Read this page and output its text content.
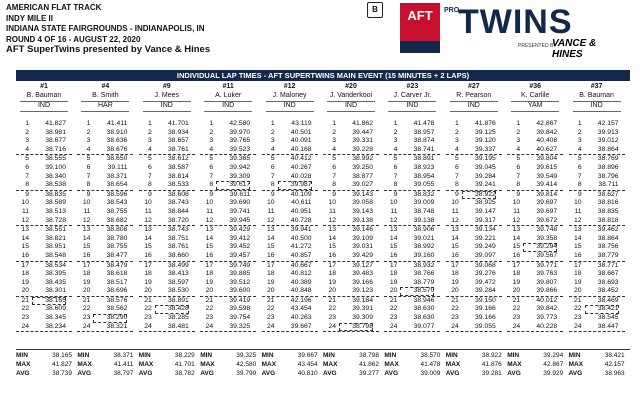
AMERICAN FLAT TRACK
INDY MILE II
INDIANA STATE FAIRGROUNDS - INDIANAPOLIS, IN
ROUND 4 OF 16 - AUGUST 22, 2020
AFT SuperTwins presented by Vance & Hines
B	AFT	PRO
TWINS
PRESENTED BY
VANCE & HINES
INDIVIDUAL LAP TIMES - AFT SUPERTWINS MAIN EVENT (15 MINUTES + 2 LAPS)
#1
B. Bauman
IND
1	41.827
2	38.981
3	38.677
4	38.716
5	38.555
6	39.100
7	38.340
8	38.538
9	38.835
10	38.589
11	38.513
12	38.728
13	38.551
14	38.821
15	38.951
16	38.548
17	38.534
18	38.395
19	38.435
20	38.301
21	38.165
22	38.609
23	38.345
24	38.234
MIN	38.165
MAX	41.827
AVG	38.739
#4
B. Smith
HAR
1	41.411
2	38.910
3	38.636
4	38.676
5	38.650
6	39.111
7	38.371
8	38.654
9	38.596
10	38.543
11	38.755
12	38.682
13	38.808
14	38.780
15	38.755
16	38.477
17	38.479
18	38.618
19	38.517
20	38.696
21	38.576
22	38.562
23	38.290
24	38.321
MIN	38.371
MAX	41.411
AVG	38.797
#9
J. Mees
IND
1	41.701
2	38.934
3	38.657
4	38.761
5	38.612
6	38.587
7	38.814
8	38.533
9	38.608
10	38.743
11	38.844
12	38.720
13	38.743
14	38.751
15	38.761
16	38.660
17	38.499
18	38.413
19	38.597
20	38.530
21	38.891
22	38.428
23	38.285
24	38.481
MIN	38.229
MAX	41.701
AVG	38.782
#11
A. Luker
IND
1	42.580
2	39.970
3	39.765
4	39.523
5	39.365
6	39.942
7	39.309
8	39.617
9	39.611
10	39.690
11	39.741
12	39.945
13	39.429
14	39.412
15	39.452
16	39.457
17	39.749
18	39.885
19	39.512
20	39.600
21	39.419
22	39.598
23	39.754
24	39.325
MIN	39.325
MAX	42.580
AVG	39.790
#12
J. Maloney
IND
1	43.119
2	40.501
3	40.091
4	40.168
5	40.412
6	40.267
7	40.028
8	39.987
9	40.109
10	40.611
11	40.951
12	40.728
13	39.941
14	40.500
15	41.272
16	40.857
17	40.667
18	40.812
19	40.389
20	40.848
21	42.196
22	43.454
23	40.263
24	39.667
MIN	39.667
MAX	43.454
AVG	40.810
#20
J. Vanderkooi
IND
1	41.862
2	39.447
3	39.331
4	39.228
5	38.992
6	39.250
7	38.877
8	39.027
9	39.143
10	39.058
11	39.143
12	39.138
13	39.146
14	39.109
15	39.031
16	39.429
17	39.127
18	39.483
19	39.166
20	39.123
21	39.184
22	39.391
23	39.309
24	38.798
MIN	38.798
MAX	41.862
AVG	39.277
#23
J. Carver Jr.
IND
1	41.478
2	38.957
3	38.874
4	38.741
5	38.891
6	38.923
7	38.954
8	39.055
9	38.832
10	39.009
11	38.748
12	39.138
13	38.906
14	39.021
15	38.992
16	39.160
17	38.932
18	38.766
19	38.779
20	38.570
21	38.946
22	38.630
23	38.630
24	39.077
MIN	38.570
MAX	41.478
AVG	39.009
#27
R. Pearson
IND
1	41.876
2	39.125
3	39.120
4	39.337
5	39.195
6	39.045
7	39.284
8	39.241
9	38.922
10	38.925
11	39.147
12	39.317
13	39.134
14	39.221
15	39.249
16	39.097
17	39.068
18	39.276
19	39.472
20	39.284
21	39.150
22	39.166
23	39.166
24	39.055
MIN	38.922
MAX	41.876
AVG	39.281
#36
K. Carlile
YAM
1	42.867
2	39.842
3	40.408
4	40.627
5	39.804
6	39.615
7	39.549
8	39.414
9	39.814
10	39.697
11	39.697
12	39.672
13	39.748
14	39.358
15	39.294
16	39.567
17	39.771
18	39.763
19	39.807
20	39.866
21	40.012
22	39.842
23	39.773
24	40.228
MIN	39.294
MAX	42.867
AVG	39.929
#37
B. Bauman
IND
1	42.157
2	39.913
3	39.012
4	38.864
5	38.769
6	38.896
7	38.796
8	38.711
9	38.627
10	38.816
11	38.835
12	38.818
13	39.462
14	38.864
15	38.756
16	38.779
17	38.771
18	38.667
19	38.693
20	38.452
21	38.469
22	38.421
23	38.545
24	38.447
MIN	38.421
MAX	42.157
AVG	38.963
